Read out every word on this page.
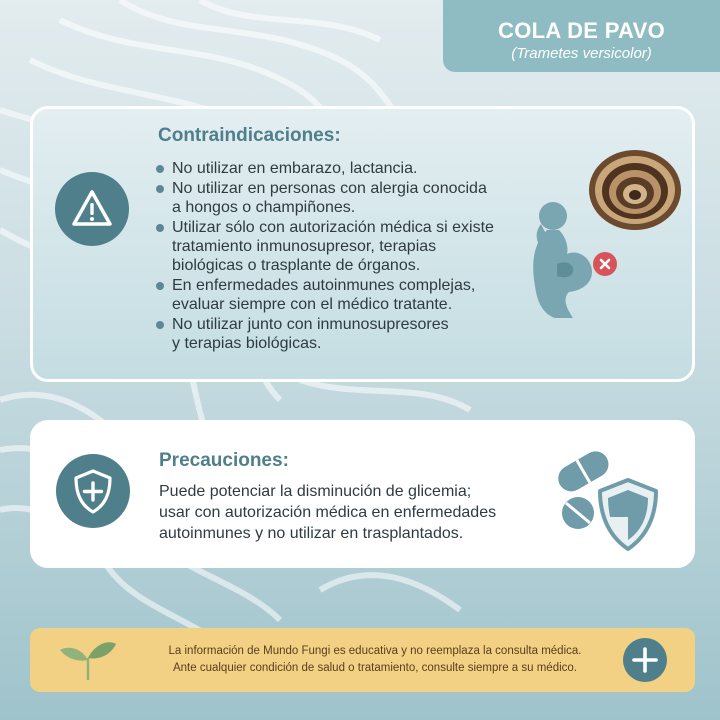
COLA DE PAVO
(Trametes versicolor)
Contraindicaciones:
No utilizar en embarazo, lactancia.
No utilizar en personas con alergia conocida
a hongos o champiñones.
Utilizar sólo con autorización médica si existe
tratamiento inmunosupresor, terapias
biológicas o trasplante de órganos.
En enfermedades autoinmunes complejas,
evaluar siempre con el médico tratante.
No utilizar junto con inmunosupresores
y terapias biológicas.
Precauciones:
Puede potenciar la disminución de glicemia;
usar con autorización médica en enfermedades
autoinmunes y no utilizar en trasplantados.
La información de Mundo Fungi es educativa y no reemplaza la consulta médica.
Ante cualquier condición de salud o tratamiento, consulte siempre a su médico.
